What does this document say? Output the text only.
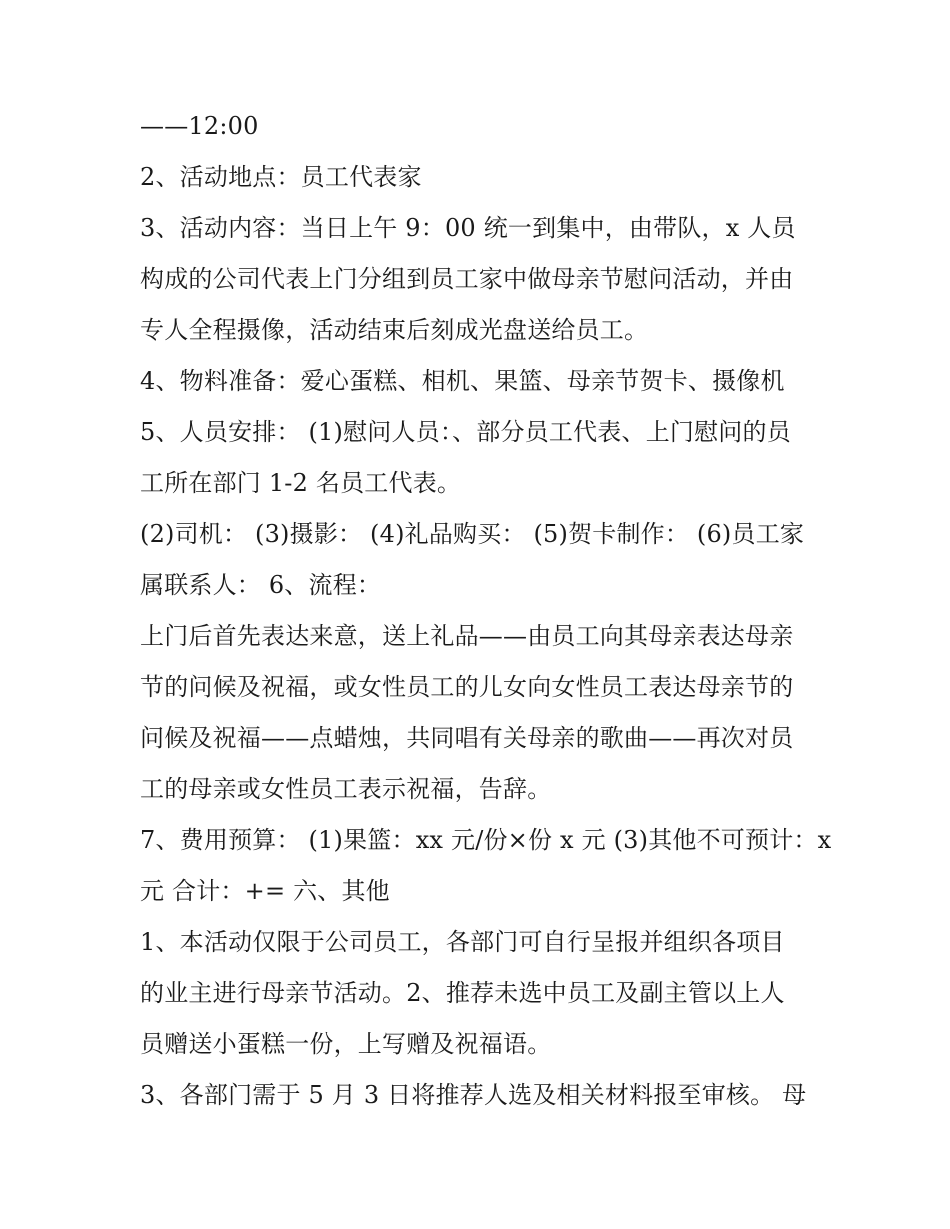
——12:00
2、活动地点：员工代表家
3、活动内容：当日上午 9：00 统一到集中，由带队，x 人员
构成的公司代表上门分组到员工家中做母亲节慰问活动，并由
专人全程摄像，活动结束后刻成光盘送给员工。
4、物料准备：爱心蛋糕、相机、果篮、母亲节贺卡、摄像机
5、人员安排： (1)慰问人员：、部分员工代表、上门慰问的员
工所在部门 1-2 名员工代表。
(2)司机： (3)摄影： (4)礼品购买： (5)贺卡制作： (6)员工家
属联系人： 6、流程：
上门后首先表达来意，送上礼品——由员工向其母亲表达母亲
节的问候及祝福，或女性员工的儿女向女性员工表达母亲节的
问候及祝福——点蜡烛，共同唱有关母亲的歌曲——再次对员
工的母亲或女性员工表示祝福，告辞。
7、费用预算： (1)果篮：xx 元/份×份 x 元 (3)其他不可预计：x
元 合计：+= 六、其他
1、本活动仅限于公司员工，各部门可自行呈报并组织各项目
的业主进行母亲节活动。2、推荐未选中员工及副主管以上人
员赠送小蛋糕一份，上写赠及祝福语。
3、各部门需于 5 月 3 日将推荐人选及相关材料报至审核。 母
